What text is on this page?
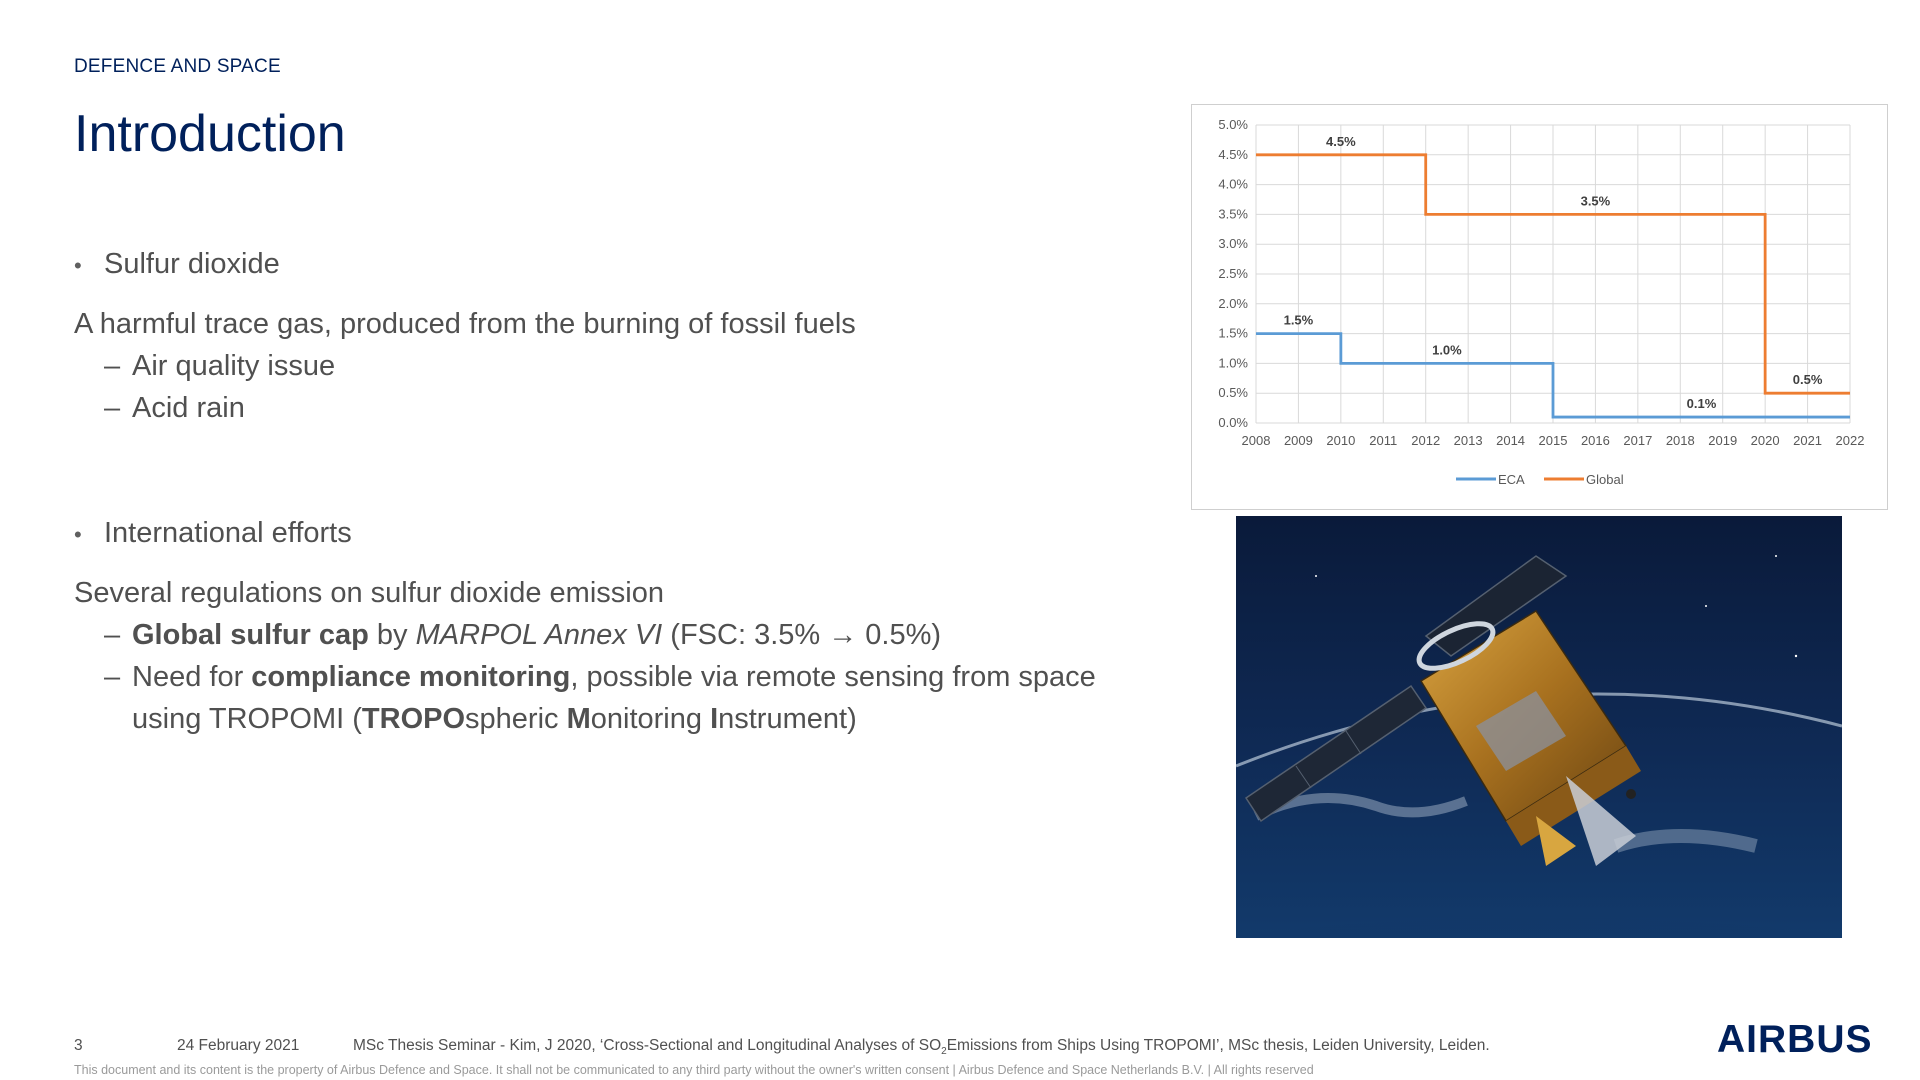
DEFENCE AND SPACE
Introduction
• Sulfur dioxide
A harmful trace gas, produced from the burning of fossil fuels
– Air quality issue
– Acid rain
• International efforts
Several regulations on sulfur dioxide emission
– Global sulfur cap by MARPOL Annex VI (FSC: 3.5% → 0.5%)
– Need for compliance monitoring, possible via remote sensing from space
using TROPOMI (TROPOspheric Monitoring Instrument)
0.0%
0.5%
1.0%
1.5%
2.0%
2.5%
3.0%
3.5%
4.0%
4.5%
5.0%
2008 2009 2010 2011 2012 2013 2014 2015 2016 2017 2018 2019 2020 2021 2022
1.5%
1.0%
0.1%
4.5%
3.5%
0.5%
ECA	Global
3	24 February 2021	MSc Thesis Seminar - Kim, J 2020, ‘Cross-Sectional and Longitudinal Analyses of $SO_2Emissions$ from Ships Using TROPOMI’, MSc thesis, Leiden University, Leiden.
This document and its content is the property of Airbus Defence and Space. It shall not be communicated to any third party without the owner's written consent | Airbus Defence and Space Netherlands B.V. | All rights reserved
AIRBUS
